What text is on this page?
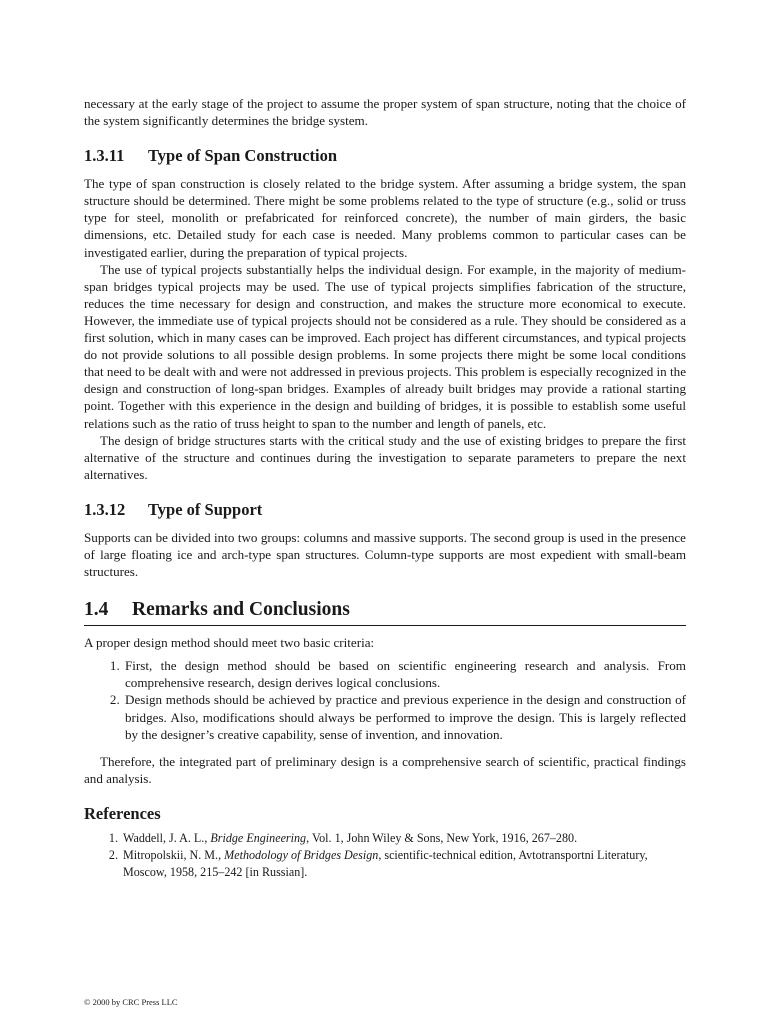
necessary at the early stage of the project to assume the proper system of span structure, noting that the choice of the system significantly determines the bridge system.

1.3.11 Type of Span Construction

The type of span construction is closely related to the bridge system. After assuming a bridge system, the span structure should be determined. There might be some problems related to the type of structure (e.g., solid or truss type for steel, monolith or prefabricated for reinforced concrete), the number of main girders, the basic dimensions, etc. Detailed study for each case is needed. Many problems common to particular cases can be investigated earlier, during the preparation of typical projects.

The use of typical projects substantially helps the individual design. For example, in the majority of medium-span bridges typical projects may be used. The use of typical projects simplifies fabrication of the structure, reduces the time necessary for design and construction, and makes the structure more economical to execute. However, the immediate use of typical projects should not be considered as a rule. They should be considered as a first solution, which in many cases can be improved. Each project has different circumstances, and typical projects do not provide solutions to all possible design problems. In some projects there might be some local conditions that need to be dealt with and were not addressed in previous projects. This problem is especially recognized in the design and construction of long-span bridges. Examples of already built bridges may provide a rational starting point. Together with this experience in the design and building of bridges, it is possible to establish some useful relations such as the ratio of truss height to span to the number and length of panels, etc.

The design of bridge structures starts with the critical study and the use of existing bridges to prepare the first alternative of the structure and continues during the investigation to separate parameters to prepare the next alternatives.

1.3.12 Type of Support

Supports can be divided into two groups: columns and massive supports. The second group is used in the presence of large floating ice and arch-type span structures. Column-type supports are most expedient with small-beam structures.

1.4 Remarks and Conclusions

A proper design method should meet two basic criteria:

1. First, the design method should be based on scientific engineering research and analysis. From comprehensive research, design derives logical conclusions.
2. Design methods should be achieved by practice and previous experience in the design and construction of bridges. Also, modifications should always be performed to improve the design. This is largely reflected by the designer’s creative capability, sense of invention, and innovation.

Therefore, the integrated part of preliminary design is a comprehensive search of scientific, practical findings and analysis.

References
1. Waddell, J. A. L., Bridge Engineering, Vol. 1, John Wiley & Sons, New York, 1916, 267–280.
2. Mitropolskii, N. M., Methodology of Bridges Design, scientific-technical edition, Avtotransportni Literatury, Moscow, 1958, 215–242 [in Russian].
© 2000 by CRC Press LLC
